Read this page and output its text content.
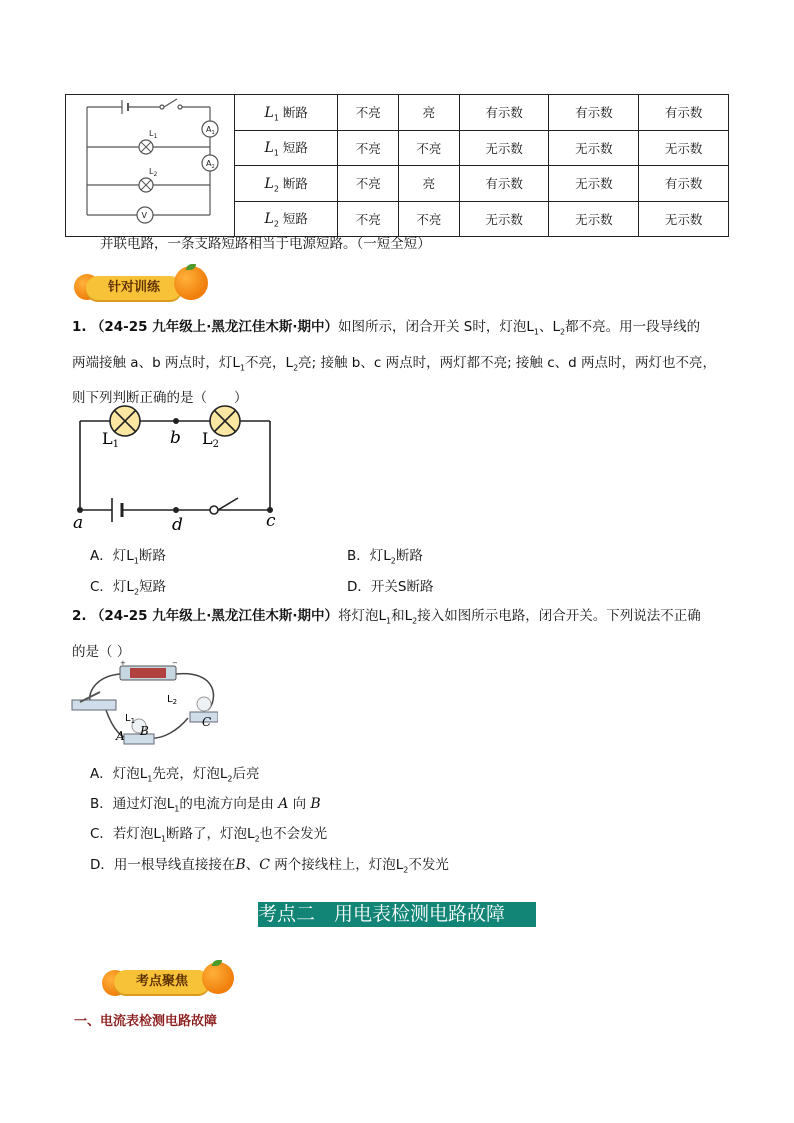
$L_1$
$L_2$
$A_1$
$A_2$
V	$L_1$ 断路	不亮	亮	有示数	有示数	有示数
	$L_1$ 短路	不亮	不亮	无示数	无示数	无示数
	$L_2$ 断路	不亮	亮	有示数	无示数	有示数
	$L_2$ 短路	不亮	不亮	无示数	无示数	无示数
并联电路，一条支路短路相当于电源短路。（一短全短）
针对训练
1. （24-25 九年级上·黑龙江佳木斯·期中）如图所示，闭合开关 S时，灯泡$L_1$、$L_2$都不亮。用一段导线的
两端接触 a、b 两点时，灯$L_1$不亮，$L_2$亮; 接触 b、c 两点时，两灯都不亮; 接触 c、d 两点时，两灯也不亮，
则下列判断正确的是（　　）
L1	L2
b
a	d	c
A．灯$L_1$断路	B．灯$L_2$断路
C．灯$L_2$短路	D．开关S断路
2. （24-25 九年级上·黑龙江佳木斯·期中）将灯泡$L_1$和$L_2$接入如图所示电路，闭合开关。下列说法不正确
的是（ ）
+	−
$L_2$
$L_1$
A B
C
A．灯泡$L_1$先亮，灯泡$L_2$后亮
B．通过灯泡$L_1$的电流方向是由 A 向 B
C．若灯泡$L_1$断路了，灯泡$L_2$也不会发光
D．用一根导线直接接在B、C 两个接线柱上，灯泡$L_2$不发光
考点二　用电表检测电路故障
考点聚焦
一、电流表检测电路故障
